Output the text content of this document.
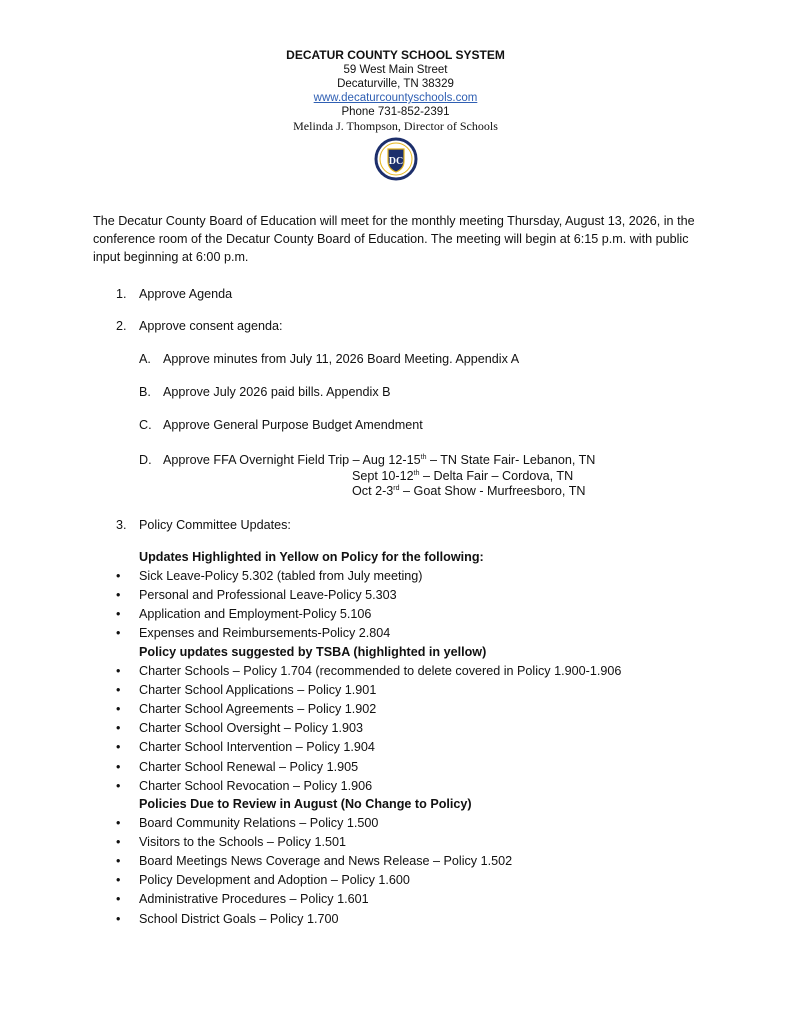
DECATUR COUNTY SCHOOL SYSTEM
59 West Main Street
Decaturville, TN 38329
www.decaturcountyschools.com
Phone 731-852-2391
Melinda J. Thompson, Director of Schools
DC
The Decatur County Board of Education will meet for the monthly meeting Thursday, August 13, 2026, in the conference room of the Decatur County Board of Education. The meeting will begin at 6:15 p.m. with public input beginning at 6:00 p.m.
1. Approve Agenda
2. Approve consent agenda:
A. Approve minutes from July 11, 2026 Board Meeting. Appendix A
B. Approve July 2026 paid bills. Appendix B
C. Approve General Purpose Budget Amendment
D. Approve FFA Overnight Field Trip – Aug 12-15th – TN State Fair- Lebanon, TN
Sept 10-12th – Delta Fair – Cordova, TN
Oct 2-3rd – Goat Show - Murfreesboro, TN
3. Policy Committee Updates:
Updates Highlighted in Yellow on Policy for the following:
• Sick Leave-Policy 5.302 (tabled from July meeting)
• Personal and Professional Leave-Policy 5.303
• Application and Employment-Policy 5.106
• Expenses and Reimbursements-Policy 2.804
Policy updates suggested by TSBA (highlighted in yellow)
• Charter Schools – Policy 1.704 (recommended to delete covered in Policy 1.900-1.906
• Charter School Applications – Policy 1.901
• Charter School Agreements – Policy 1.902
• Charter School Oversight – Policy 1.903
• Charter School Intervention – Policy 1.904
• Charter School Renewal – Policy 1.905
• Charter School Revocation – Policy 1.906
Policies Due to Review in August (No Change to Policy)
• Board Community Relations – Policy 1.500
• Visitors to the Schools – Policy 1.501
• Board Meetings News Coverage and News Release – Policy 1.502
• Policy Development and Adoption – Policy 1.600
• Administrative Procedures – Policy 1.601
• School District Goals – Policy 1.700
